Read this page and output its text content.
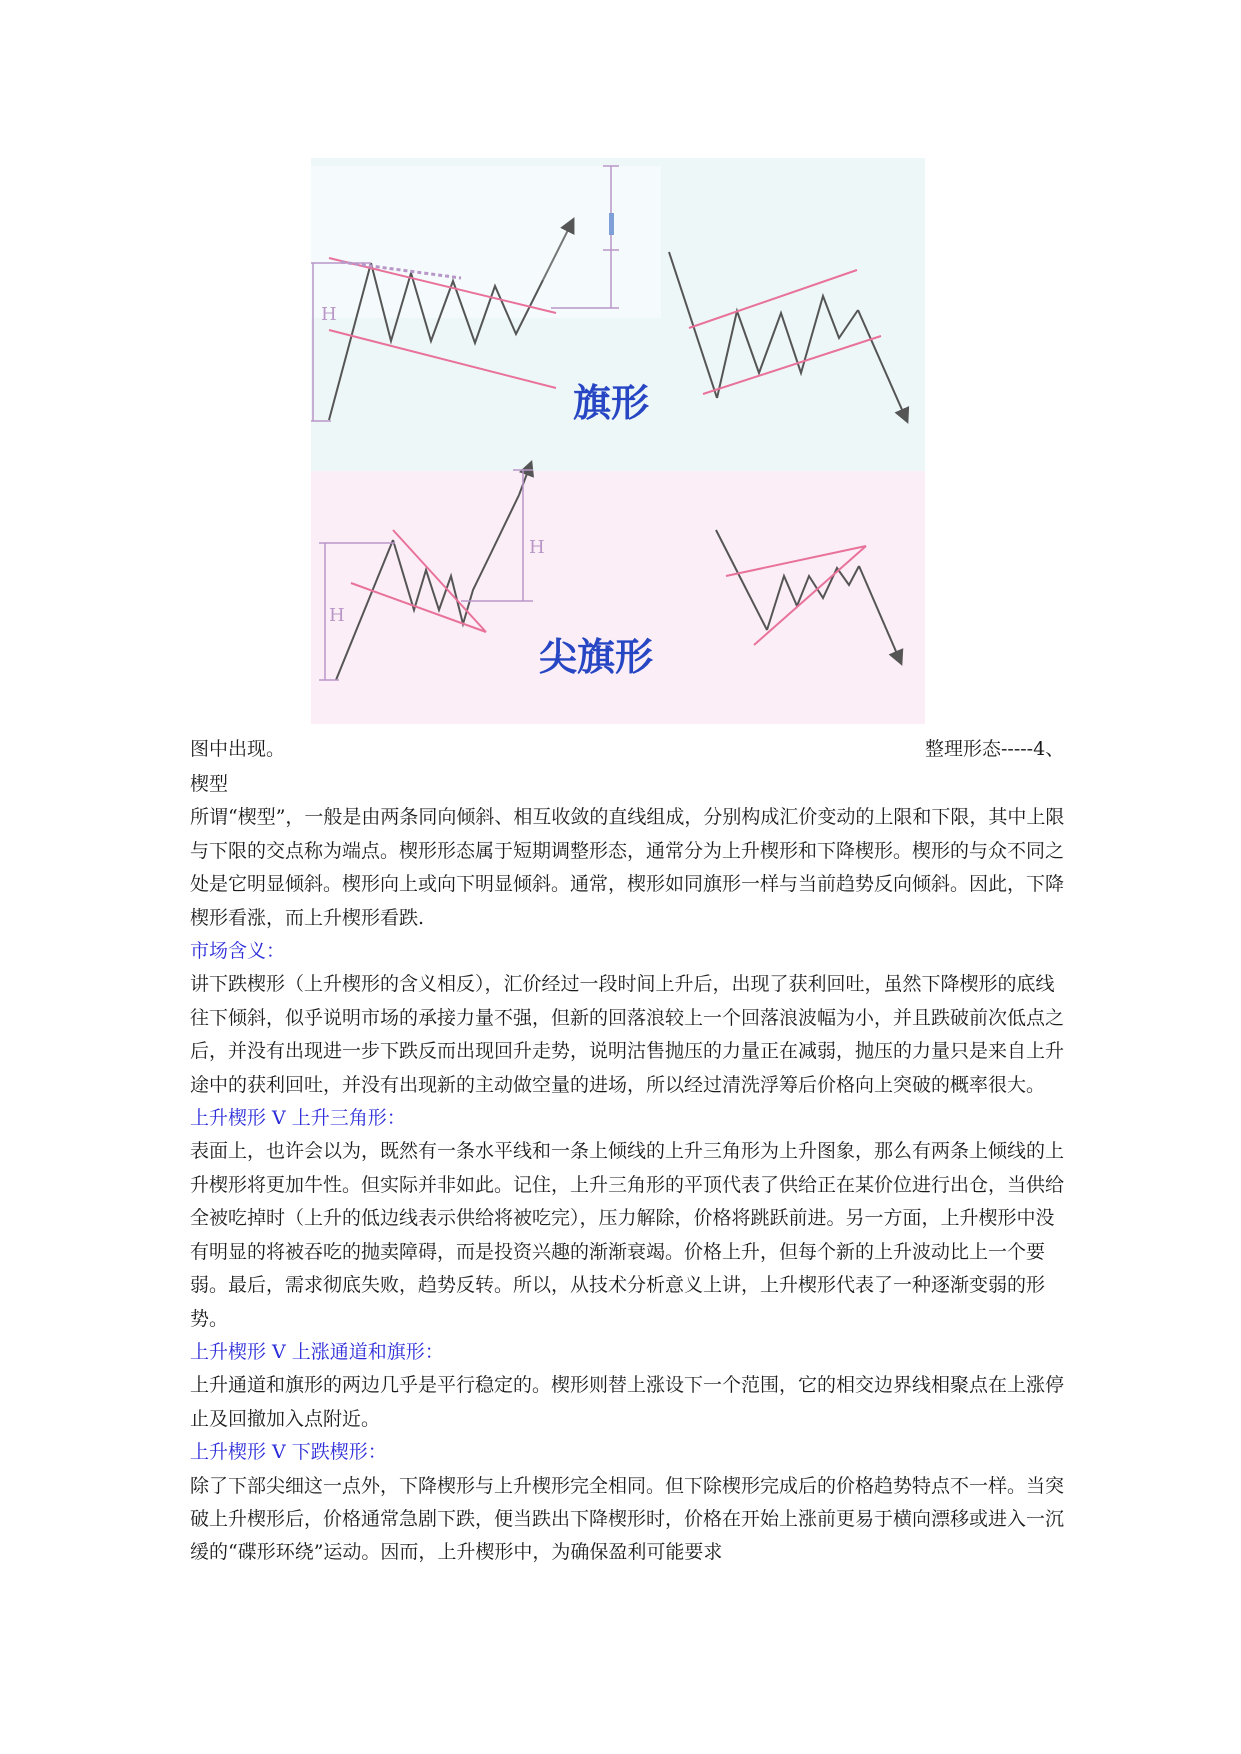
H
旗形
H
H
尖旗形
图中出现。	整理形态-----4、

楔型

所谓“楔型”，一般是由两条同向倾斜、相互收敛的直线组成，分别构成汇价变动的上限和下限，其中上限与下限的交点称为端点。楔形形态属于短期调整形态，通常分为上升楔形和下降楔形。楔形的与众不同之处是它明显倾斜。楔形向上或向下明显倾斜。通常，楔形如同旗形一样与当前趋势反向倾斜。因此，下降楔形看涨，而上升楔形看跌.

市场含义：

讲下跌楔形（上升楔形的含义相反），汇价经过一段时间上升后，出现了获利回吐，虽然下降楔形的底线往下倾斜，似乎说明市场的承接力量不强，但新的回落浪较上一个回落浪波幅为小，并且跌破前次低点之后，并没有出现进一步下跌反而出现回升走势，说明沽售抛压的力量正在减弱，抛压的力量只是来自上升途中的获利回吐，并没有出现新的主动做空量的进场，所以经过清洗浮筹后价格向上突破的概率很大。

上升楔形 V 上升三角形：

表面上，也许会以为，既然有一条水平线和一条上倾线的上升三角形为上升图象，那么有两条上倾线的上升楔形将更加牛性。但实际并非如此。记住，上升三角形的平顶代表了供给正在某价位进行出仓，当供给全被吃掉时（上升的低边线表示供给将被吃完），压力解除，价格将跳跃前进。另一方面，上升楔形中没有明显的将被吞吃的抛卖障碍，而是投资兴趣的渐渐衰竭。价格上升，但每个新的上升波动比上一个要弱。最后，需求彻底失败，趋势反转。所以，从技术分析意义上讲，上升楔形代表了一种逐渐变弱的形势。

上升楔形 V 上涨通道和旗形：

上升通道和旗形的两边几乎是平行稳定的。楔形则替上涨设下一个范围，它的相交边界线相聚点在上涨停止及回撤加入点附近。

上升楔形 V 下跌楔形：

除了下部尖细这一点外，下降楔形与上升楔形完全相同。但下除楔形完成后的价格趋势特点不一样。当突破上升楔形后，价格通常急剧下跌，便当跌出下降楔形时，价格在开始上涨前更易于横向漂移或进入一沉缓的“碟形环绕”运动。因而，上升楔形中，为确保盈利可能要求
